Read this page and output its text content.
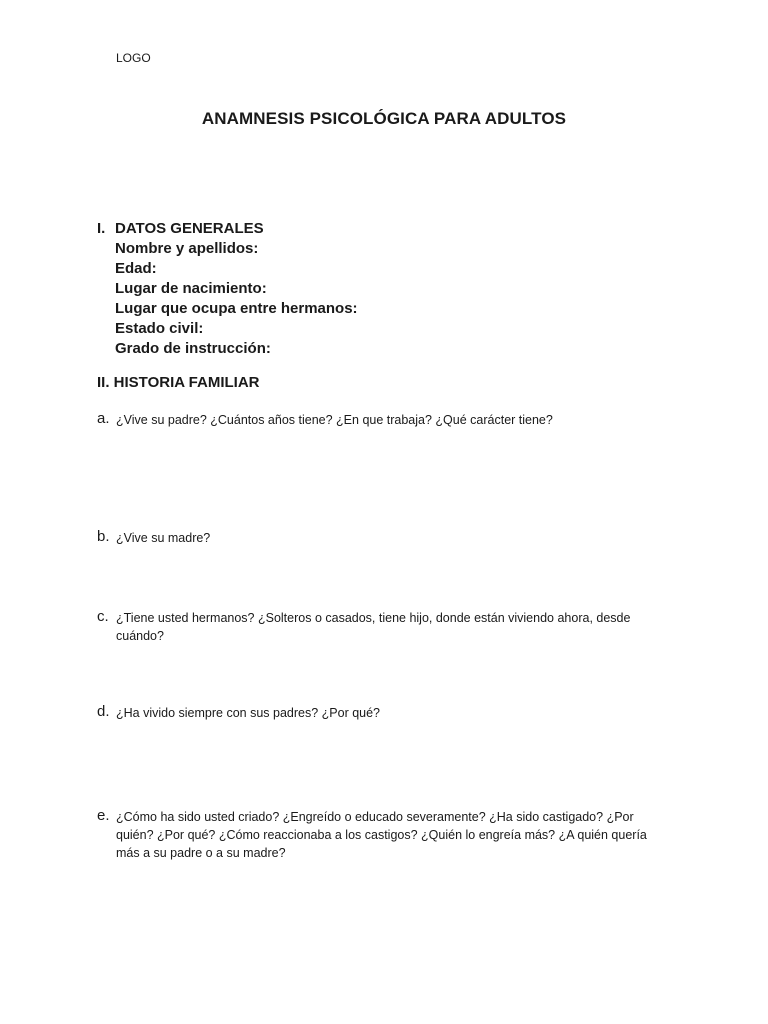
LOGO
ANAMNESIS PSICOLÓGICA PARA ADULTOS
I. DATOS GENERALES
Nombre y apellidos:
Edad:
Lugar de nacimiento:
Lugar que ocupa entre hermanos:
Estado civil:
Grado de instrucción:
II. HISTORIA FAMILIAR
a. ¿Vive su padre? ¿Cuántos años tiene? ¿En que trabaja? ¿Qué carácter tiene?
b. ¿Vive su madre?
c. ¿Tiene usted hermanos? ¿Solteros o casados, tiene hijo, donde están viviendo ahora, desde cuándo?
d. ¿Ha vivido siempre con sus padres? ¿Por qué?
e. ¿Cómo ha sido usted criado? ¿Engreído o educado severamente? ¿Ha sido castigado? ¿Por quién? ¿Por qué? ¿Cómo reaccionaba a los castigos? ¿Quién lo engreía más? ¿A quién quería más a su padre o a su madre?
